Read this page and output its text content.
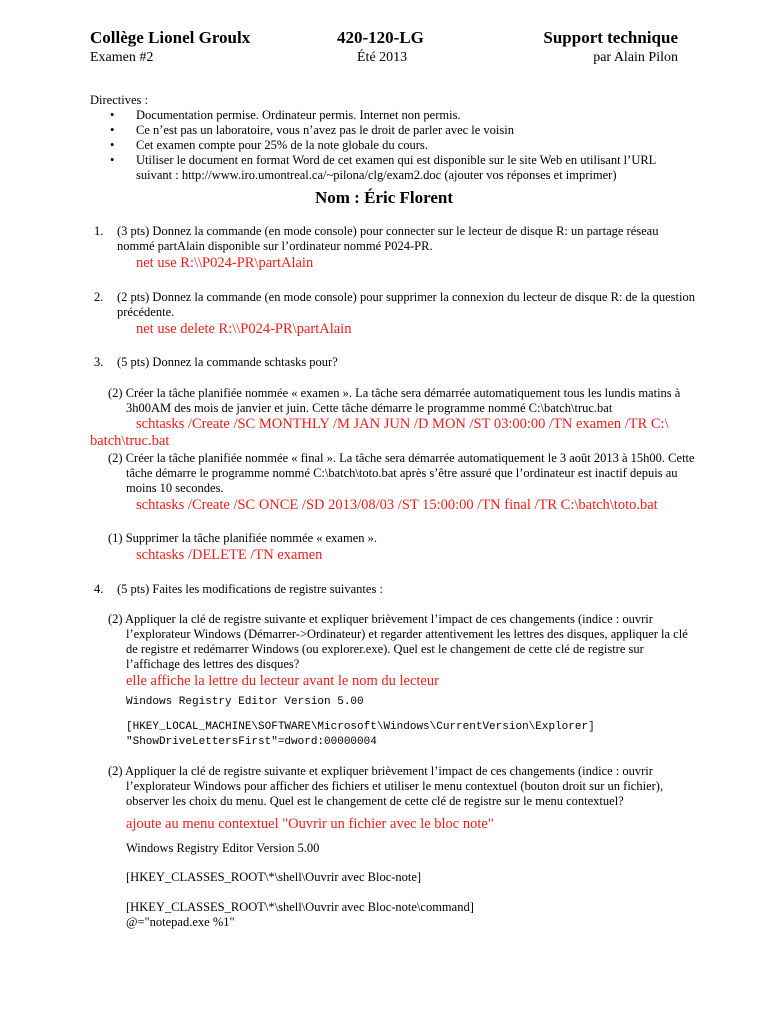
Collège Lionel Groulx	420-120-LG	Support technique
Examen #2	Été 2013	par Alain Pilon
Directives :
• Documentation permise. Ordinateur permis. Internet non permis.
• Ce n’est pas un laboratoire, vous n’avez pas le droit de parler avec le voisin
• Cet examen compte pour 25% de la note globale du cours.
• Utiliser le document en format Word de cet examen qui est disponible sur le site Web en utilisant l’URL
suivant : http://www.iro.umontreal.ca/~pilona/clg/exam2.doc (ajouter vos réponses et imprimer)
Nom : Éric Florent
1. (3 pts) Donnez la commande (en mode console) pour connecter sur le lecteur de disque R: un partage réseau
nommé partAlain disponible sur l’ordinateur nommé P024-PR.
net use R:\\P024-PR\partAlain
2. (2 pts) Donnez la commande (en mode console) pour supprimer la connexion du lecteur de disque R: de la question
précédente.
net use delete R:\\P024-PR\partAlain
3. (5 pts) Donnez la commande schtasks pour?
(2) Créer la tâche planifiée nommée « examen ». La tâche sera démarrée automatiquement tous les lundis matins à
3h00AM des mois de janvier et juin. Cette tâche démarre le programme nommé C:\batch\truc.bat
schtasks /Create /SC MONTHLY /M JAN JUN /D MON /ST 03:00:00 /TN examen /TR C:\
batch\truc.bat
(2) Créer la tâche planifiée nommée « final ». La tâche sera démarrée automatiquement le 3 août 2013 à 15h00. Cette
tâche démarre le programme nommé C:\batch\toto.bat après s’être assuré que l’ordinateur est inactif depuis au
moins 10 secondes.
schtasks /Create /SC ONCE /SD 2013/08/03 /ST 15:00:00 /TN final /TR C:\batch\toto.bat
(1) Supprimer la tâche planifiée nommée « examen ».
schtasks /DELETE /TN examen
4. (5 pts) Faites les modifications de registre suivantes :
(2) Appliquer la clé de registre suivante et expliquer brièvement l’impact de ces changements (indice : ouvrir
l’explorateur Windows (Démarrer->Ordinateur) et regarder attentivement les lettres des disques, appliquer la clé
de registre et redémarrer Windows (ou explorer.exe). Quel est le changement de cette clé de registre sur
l’affichage des lettres des disques?
elle affiche la lettre du lecteur avant le nom du lecteur
Windows Registry Editor Version 5.00
[HKEY_LOCAL_MACHINE\SOFTWARE\Microsoft\Windows\CurrentVersion\Explorer]
"ShowDriveLettersFirst"=dword:00000004
(2) Appliquer la clé de registre suivante et expliquer brièvement l’impact de ces changements (indice : ouvrir
l’explorateur Windows pour afficher des fichiers et utiliser le menu contextuel (bouton droit sur un fichier),
observer les choix du menu. Quel est le changement de cette clé de registre sur le menu contextuel?
ajoute au menu contextuel "Ouvrir un fichier avec le bloc note"
Windows Registry Editor Version 5.00
[HKEY_CLASSES_ROOT\*\shell\Ouvrir avec Bloc-note]
[HKEY_CLASSES_ROOT\*\shell\Ouvrir avec Bloc-note\command]
@="notepad.exe %1"
